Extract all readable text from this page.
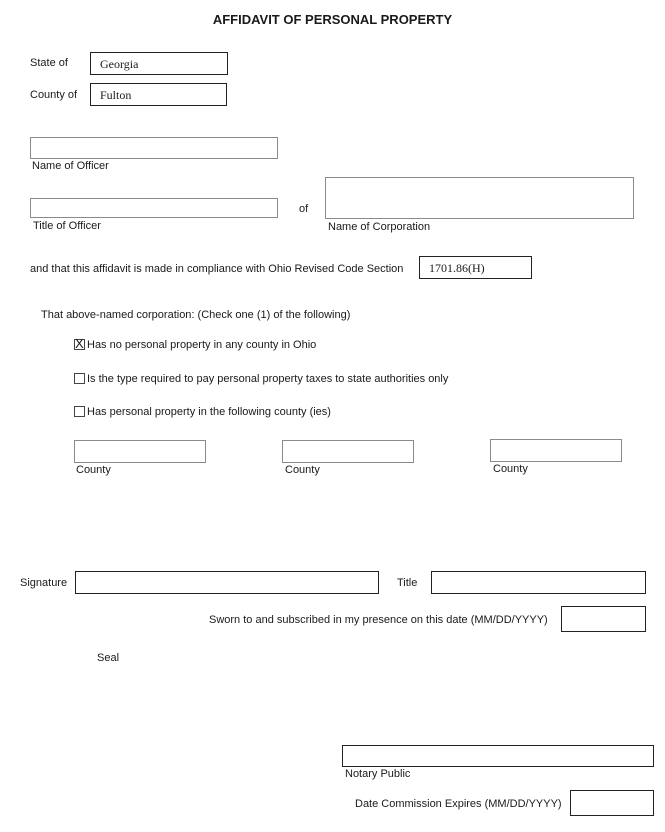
AFFIDAVIT OF PERSONAL PROPERTY
State of	Georgia
County of Fulton
Name of Officer
Title of Officer
of
Name of Corporation
and that this affidavit is made in compliance with Ohio Revised Code Section 1701.86(H)
That above-named corporation: (Check one (1) of the following)
X Has no personal property in any county in Ohio
Is the type required to pay personal property taxes to state authorities only
Has personal property in the following county (ies)
County	County	County
Signature	Title
Sworn to and subscribed in my presence on this date (MM/DD/YYYY)
Seal
Notary Public
Date Commission Expires (MM/DD/YYYY)
